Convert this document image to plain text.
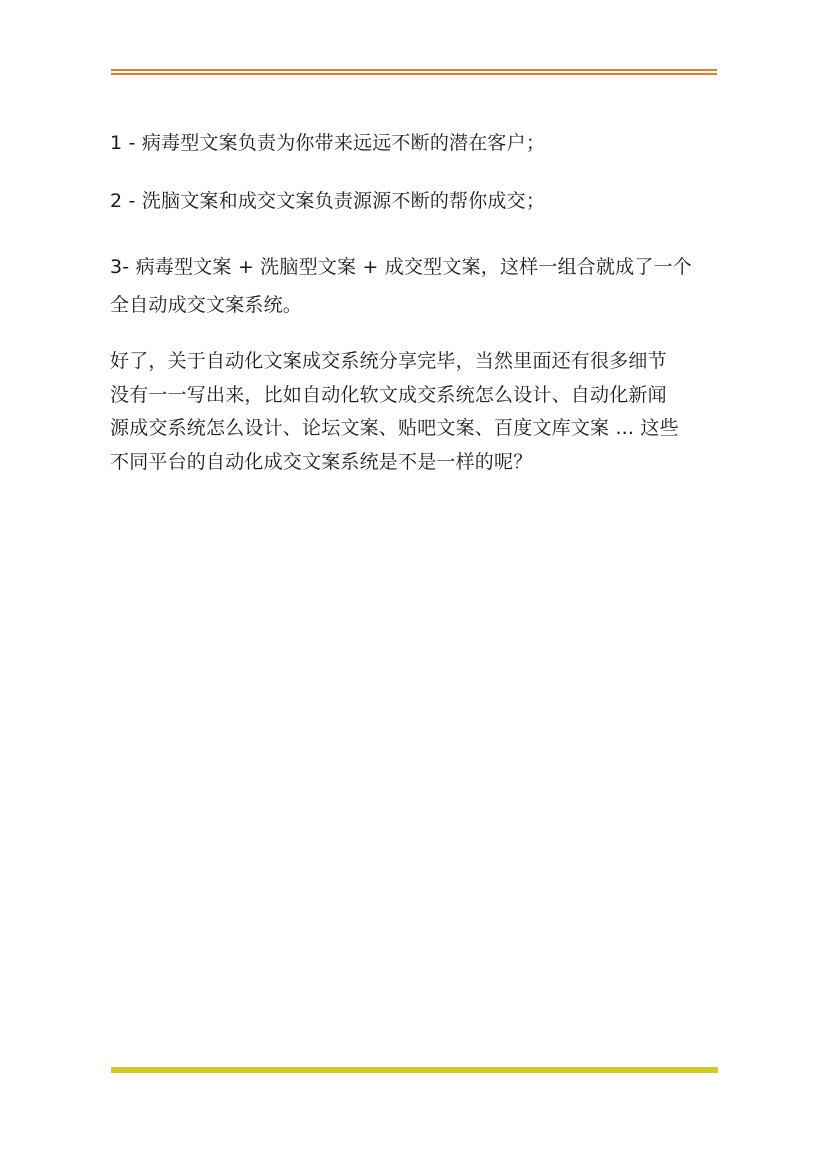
1 - 病毒型文案负责为你带来远远不断的潜在客户；

2 - 洗脑文案和成交文案负责源源不断的帮你成交；

3- 病毒型文案 + 洗脑型文案 + 成交型文案，这样一组合就成了一个
全自动成交文案系统。

好了，关于自动化文案成交系统分享完毕，当然里面还有很多细节
没有一一写出来，比如自动化软文成交系统怎么设计、自动化新闻
源成交系统怎么设计、论坛文案、贴吧文案、百度文库文案 ... 这些
不同平台的自动化成交文案系统是不是一样的呢？
